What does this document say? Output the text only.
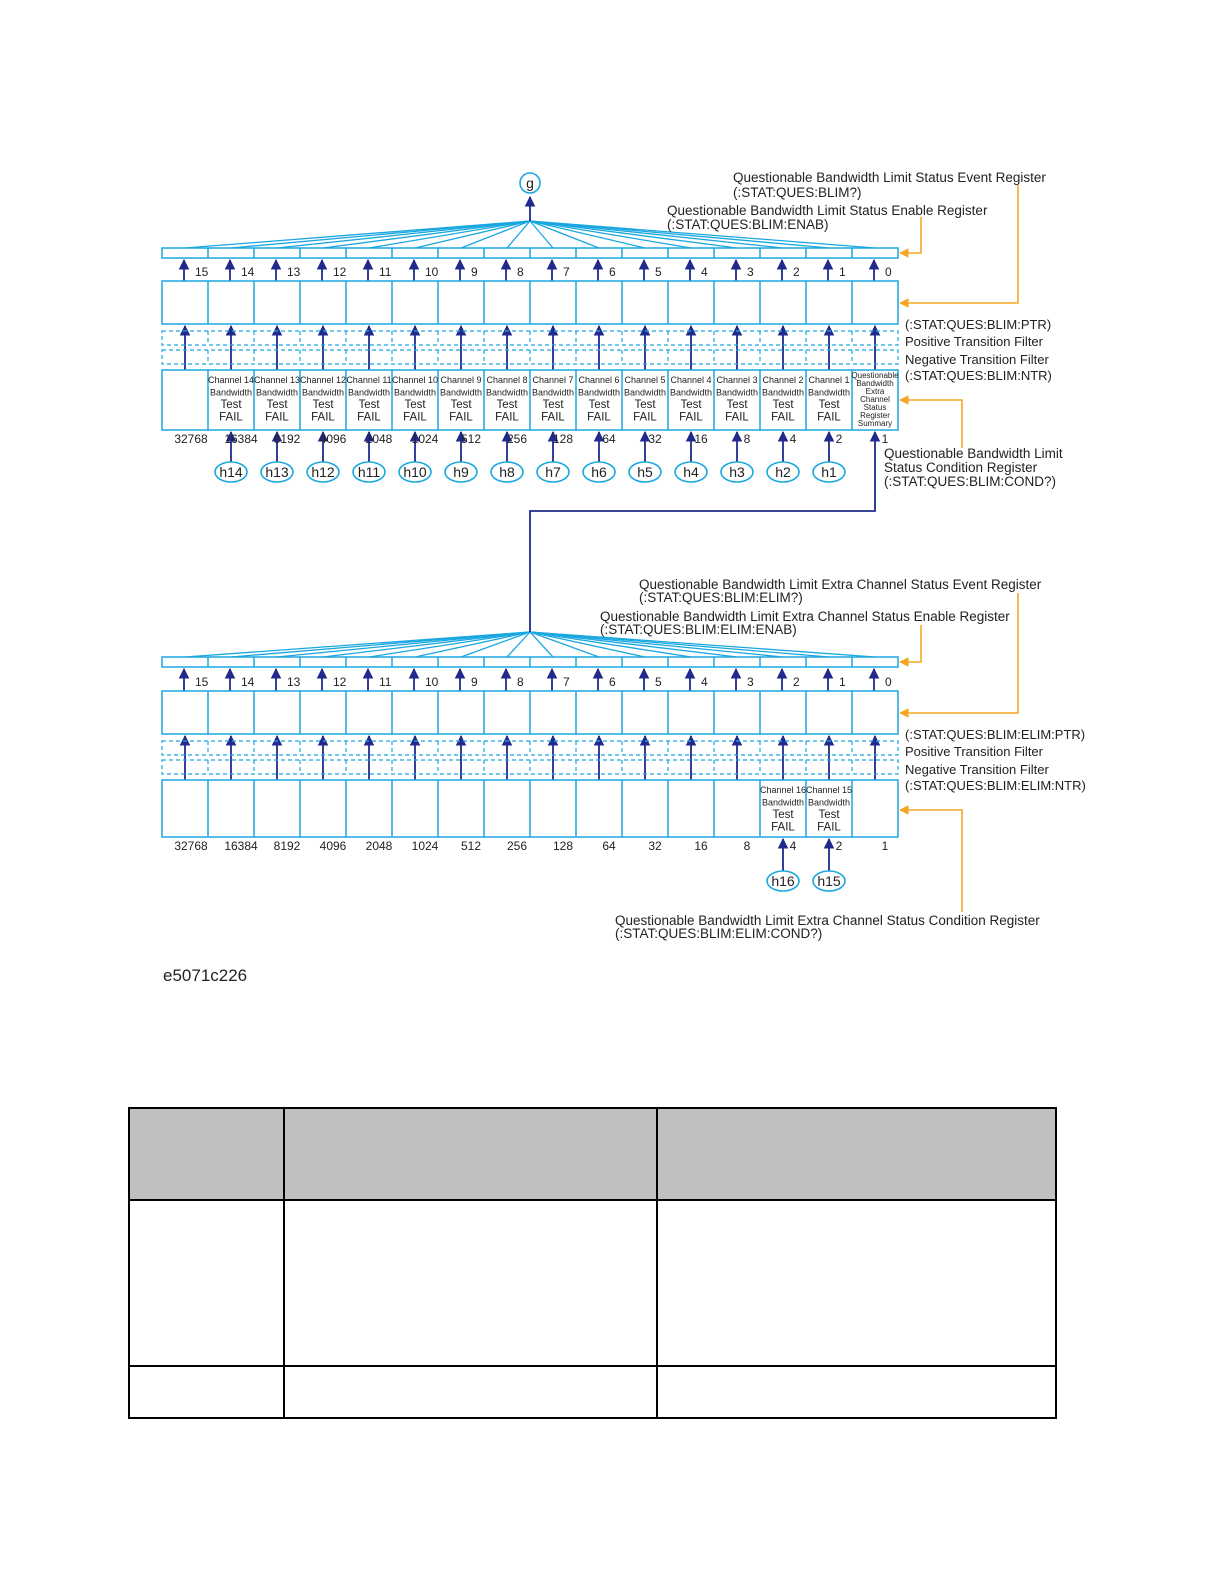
15
32768
14
Channel 14
Bandwidth
Test
FAIL
16384
h14
13
Channel 13
Bandwidth
Test
FAIL
8192
h13
12
Channel 12
Bandwidth
Test
FAIL
4096
h12
11
Channel 11
Bandwidth
Test
FAIL
2048
h11
10
Channel 10
Bandwidth
Test
FAIL
1024
h10
9
Channel 9
Bandwidth
Test
FAIL
512
h9
8
Channel 8
Bandwidth
Test
FAIL
256
h8
7
Channel 7
Bandwidth
Test
FAIL
128
h7
6
Channel 6
Bandwidth
Test
FAIL
64
h6
5
Channel 5
Bandwidth
Test
FAIL
32
h5
4
Channel 4
Bandwidth
Test
FAIL
16
h4
3
Channel 3
Bandwidth
Test
FAIL
8
h3
2
Channel 2
Bandwidth
Test
FAIL
4
h2
1
Channel 1
Bandwidth
Test
FAIL
2
h1
0
Questionable
Bandwidth
Extra
Channel
Status
Register
Summary
1
(:STAT:QUES:BLIM:PTR)
Positive Transition Filter
Negative Transition Filter
(:STAT:QUES:BLIM:NTR)
g	Questionable Bandwidth Limit Status Event Register
(:STAT:QUES:BLIM?)
Questionable Bandwidth Limit Status Enable Register
(:STAT:QUES:BLIM:ENAB)
Questionable Bandwidth Limit
Status Condition Register
(:STAT:QUES:BLIM:COND?)
15
32768
14
16384
13
8192
12
4096
11
2048
10
1024
9
512
8
256
7
128
6
64
5
32
4
16
3
8
2
Channel 16
Bandwidth
Test
FAIL
4
h16
1
Channel 15
Bandwidth
Test
FAIL
2
h15
0
1
(:STAT:QUES:BLIM:ELIM:PTR)
Positive Transition Filter
Negative Transition Filter
(:STAT:QUES:BLIM:ELIM:NTR)
Questionable Bandwidth Limit Extra Channel Status Event Register
(:STAT:QUES:BLIM:ELIM?)
Questionable Bandwidth Limit Extra Channel Status Enable Register
(:STAT:QUES:BLIM:ELIM:ENAB)
Questionable Bandwidth Limit Extra Channel Status Condition Register
(:STAT:QUES:BLIM:ELIM:COND?)
e5071c226
